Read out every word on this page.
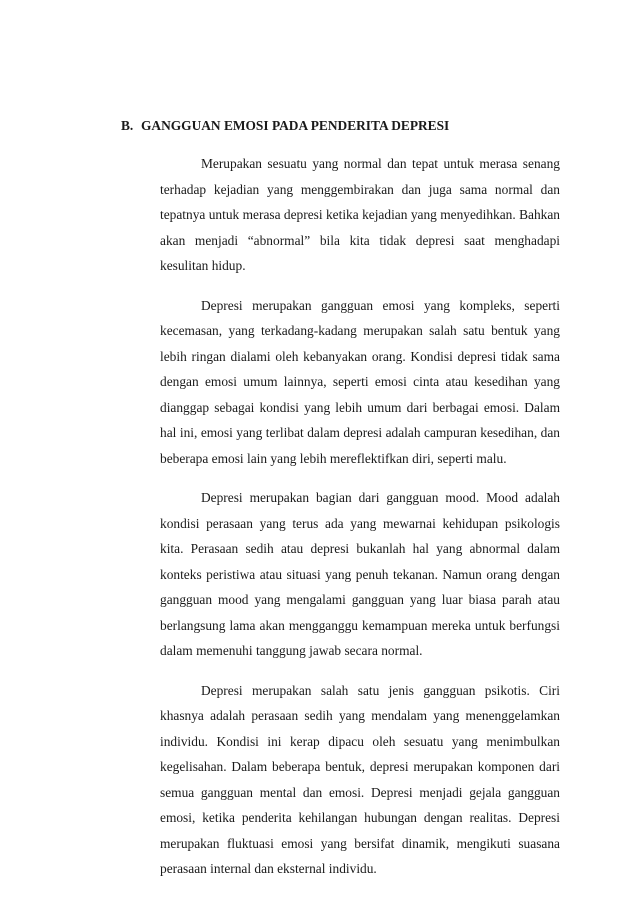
B. GANGGUAN EMOSI PADA PENDERITA DEPRESI

Merupakan sesuatu yang normal dan tepat untuk merasa senang terhadap kejadian yang menggembirakan dan juga sama normal dan tepatnya untuk merasa depresi ketika kejadian yang menyedihkan. Bahkan akan menjadi “abnormal” bila kita tidak depresi saat menghadapi kesulitan hidup.

Depresi merupakan gangguan emosi yang kompleks, seperti kecemasan, yang terkadang-kadang merupakan salah satu bentuk yang lebih ringan dialami oleh kebanyakan orang. Kondisi depresi tidak sama dengan emosi umum lainnya, seperti emosi cinta atau kesedihan yang dianggap sebagai kondisi yang lebih umum dari berbagai emosi. Dalam hal ini, emosi yang terlibat dalam depresi adalah campuran kesedihan, dan beberapa emosi lain yang lebih mereflektifkan diri, seperti malu.

Depresi merupakan bagian dari gangguan mood. Mood adalah kondisi perasaan yang terus ada yang mewarnai kehidupan psikologis kita. Perasaan sedih atau depresi bukanlah hal yang abnormal dalam konteks peristiwa atau situasi yang penuh tekanan. Namun orang dengan gangguan mood yang mengalami gangguan yang luar biasa parah atau berlangsung lama akan mengganggu kemampuan mereka untuk berfungsi dalam memenuhi tanggung jawab secara normal.

Depresi merupakan salah satu jenis gangguan psikotis. Ciri khasnya adalah perasaan sedih yang mendalam yang menenggelamkan individu. Kondisi ini kerap dipacu oleh sesuatu yang menimbulkan kegelisahan. Dalam beberapa bentuk, depresi merupakan komponen dari semua gangguan mental dan emosi. Depresi menjadi gejala gangguan emosi, ketika penderita kehilangan hubungan dengan realitas. Depresi merupakan fluktuasi emosi yang bersifat dinamik, mengikuti suasana perasaan internal dan eksternal individu.
